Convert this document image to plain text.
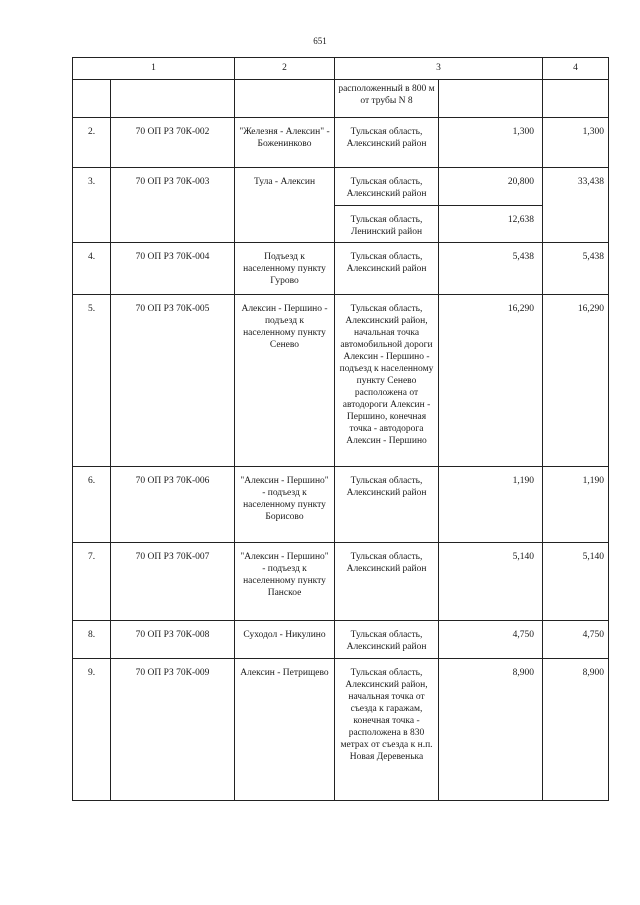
651
1		2	3		4
			расположенный в 800 м от трубы N 8		
2.	70 ОП РЗ 70К-002	"Железня - Алексин" - Боженинково	Тульская область, Алексинский район	1,300	1,300
3.	70 ОП РЗ 70К-003	Тула - Алексин	Тульская область, Алексинский район	20,800	33,438
			Тульская область, Ленинский район	12,638	
4.	70 ОП РЗ 70К-004	Подъезд к населенному пункту Гурово	Тульская область, Алексинский район	5,438	5,438
5.	70 ОП РЗ 70К-005	Алексин - Першино - подъезд к населенному пункту Сенево	Тульская область, Алексинский район, начальная точка автомобильной дороги Алексин - Першино - подъезд к населенному пункту Сенево расположена от автодороги Алексин - Першино, конечная точка - автодорога Алексин - Першино	16,290	16,290
6.	70 ОП РЗ 70К-006	"Алексин - Першино" - подъезд к населенному пункту Борисово	Тульская область, Алексинский район	1,190	1,190
7.	70 ОП РЗ 70К-007	"Алексин - Першино" - подъезд к населенному пункту Панское	Тульская область, Алексинский район	5,140	5,140
8.	70 ОП РЗ 70К-008	Суходол - Никулино	Тульская область, Алексинский район	4,750	4,750
9.	70 ОП РЗ 70К-009	Алексин - Петрищево	Тульская область, Алексинский район, начальная точка от съезда к гаражам, конечная точка - расположена в 830 метрах от съезда к н.п. Новая Деревенька	8,900	8,900
